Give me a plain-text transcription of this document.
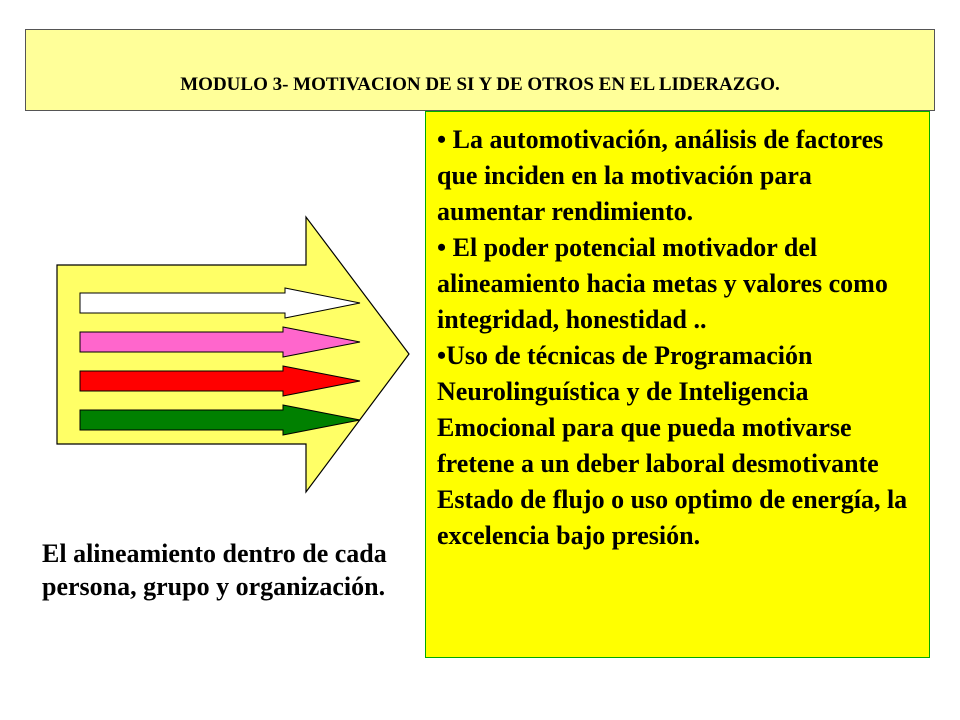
MODULO 3- MOTIVACION DE SI Y DE OTROS EN EL LIDERAZGO.
• La automotivación, análisis de factores que inciden en la motivación para aumentar rendimiento.
• El poder potencial motivador del alineamiento hacia metas y valores como integridad, honestidad ..
•Uso de técnicas de Programación Neurolinguística y de Inteligencia Emocional para que pueda motivarse fretene a un deber laboral desmotivante Estado de flujo o uso optimo de energía, la excelencia bajo presión.
El alineamiento dentro de cada persona, grupo y organización.
